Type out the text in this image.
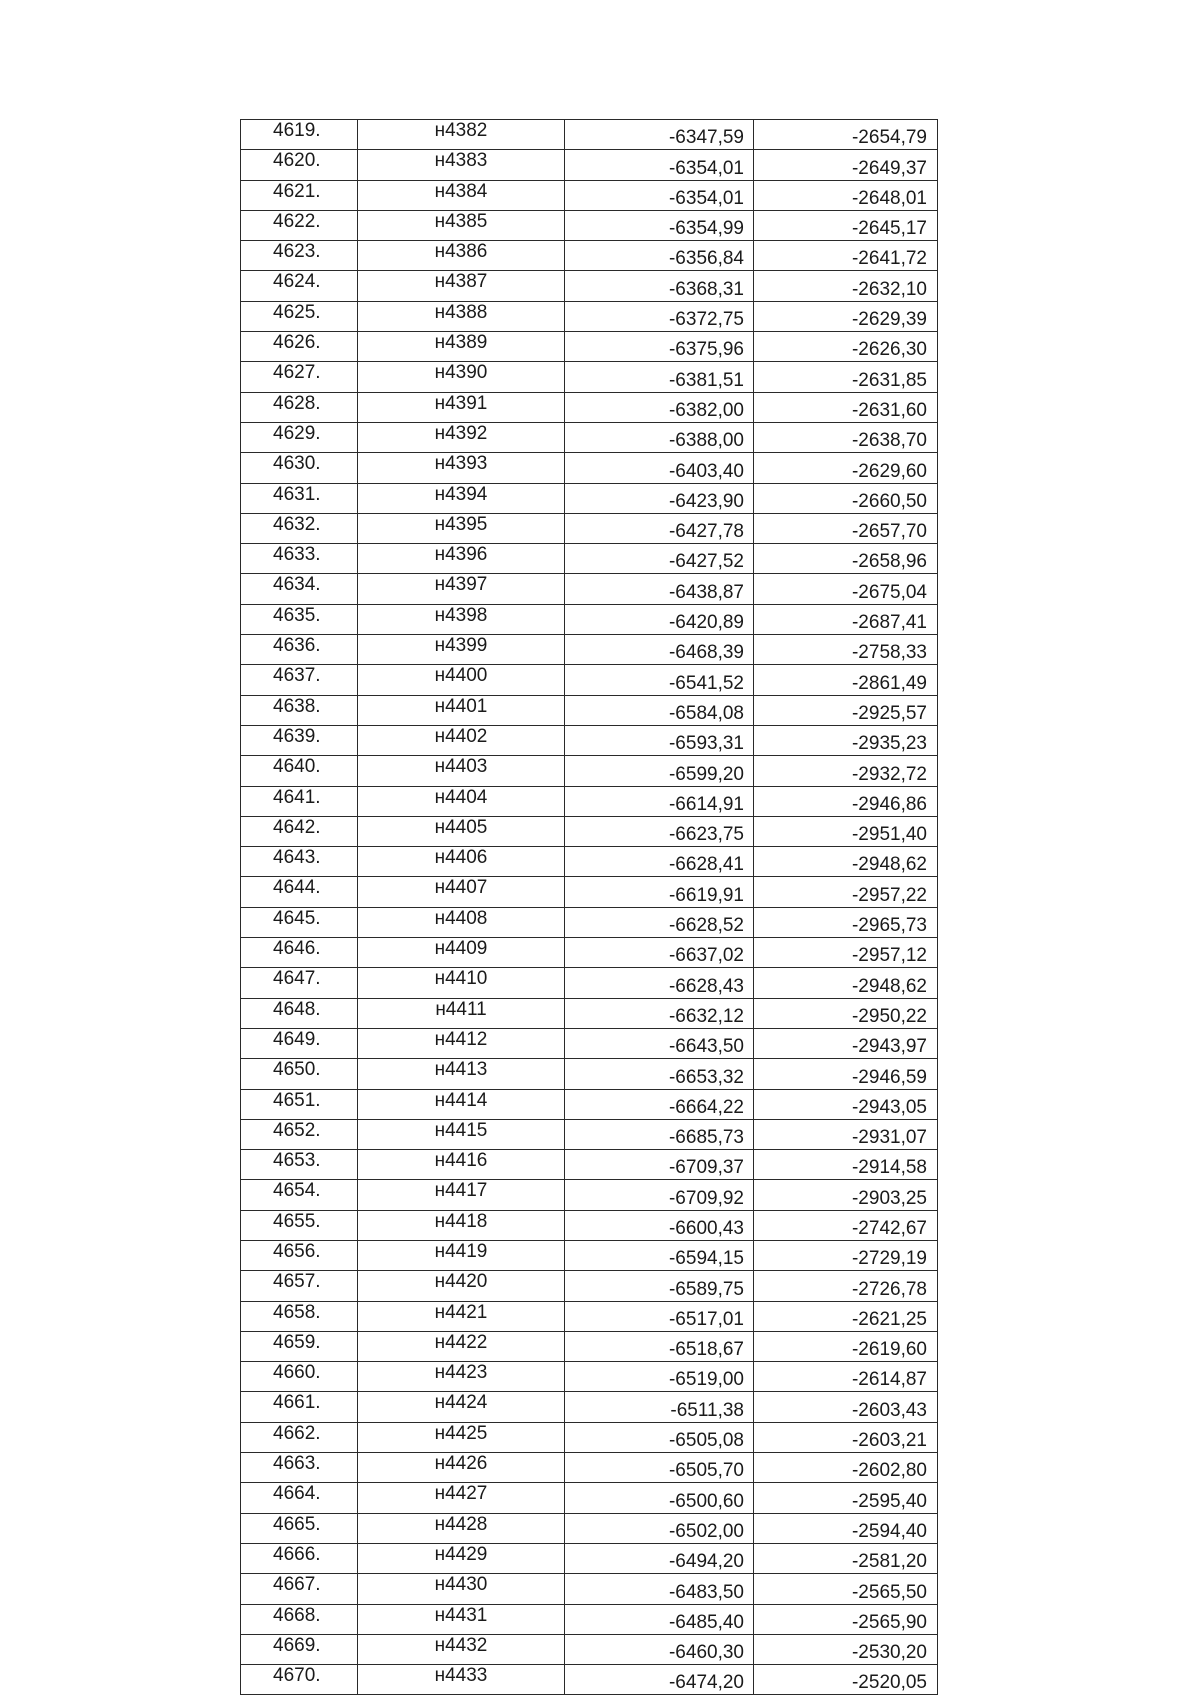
4619.	н4382	-6347,59	-2654,79
4620.	н4383	-6354,01	-2649,37
4621.	н4384	-6354,01	-2648,01
4622.	н4385	-6354,99	-2645,17
4623.	н4386	-6356,84	-2641,72
4624.	н4387	-6368,31	-2632,10
4625.	н4388	-6372,75	-2629,39
4626.	н4389	-6375,96	-2626,30
4627.	н4390	-6381,51	-2631,85
4628.	н4391	-6382,00	-2631,60
4629.	н4392	-6388,00	-2638,70
4630.	н4393	-6403,40	-2629,60
4631.	н4394	-6423,90	-2660,50
4632.	н4395	-6427,78	-2657,70
4633.	н4396	-6427,52	-2658,96
4634.	н4397	-6438,87	-2675,04
4635.	н4398	-6420,89	-2687,41
4636.	н4399	-6468,39	-2758,33
4637.	н4400	-6541,52	-2861,49
4638.	н4401	-6584,08	-2925,57
4639.	н4402	-6593,31	-2935,23
4640.	н4403	-6599,20	-2932,72
4641.	н4404	-6614,91	-2946,86
4642.	н4405	-6623,75	-2951,40
4643.	н4406	-6628,41	-2948,62
4644.	н4407	-6619,91	-2957,22
4645.	н4408	-6628,52	-2965,73
4646.	н4409	-6637,02	-2957,12
4647.	н4410	-6628,43	-2948,62
4648.	н4411	-6632,12	-2950,22
4649.	н4412	-6643,50	-2943,97
4650.	н4413	-6653,32	-2946,59
4651.	н4414	-6664,22	-2943,05
4652.	н4415	-6685,73	-2931,07
4653.	н4416	-6709,37	-2914,58
4654.	н4417	-6709,92	-2903,25
4655.	н4418	-6600,43	-2742,67
4656.	н4419	-6594,15	-2729,19
4657.	н4420	-6589,75	-2726,78
4658.	н4421	-6517,01	-2621,25
4659.	н4422	-6518,67	-2619,60
4660.	н4423	-6519,00	-2614,87
4661.	н4424	-6511,38	-2603,43
4662.	н4425	-6505,08	-2603,21
4663.	н4426	-6505,70	-2602,80
4664.	н4427	-6500,60	-2595,40
4665.	н4428	-6502,00	-2594,40
4666.	н4429	-6494,20	-2581,20
4667.	н4430	-6483,50	-2565,50
4668.	н4431	-6485,40	-2565,90
4669.	н4432	-6460,30	-2530,20
4670.	н4433	-6474,20	-2520,05
